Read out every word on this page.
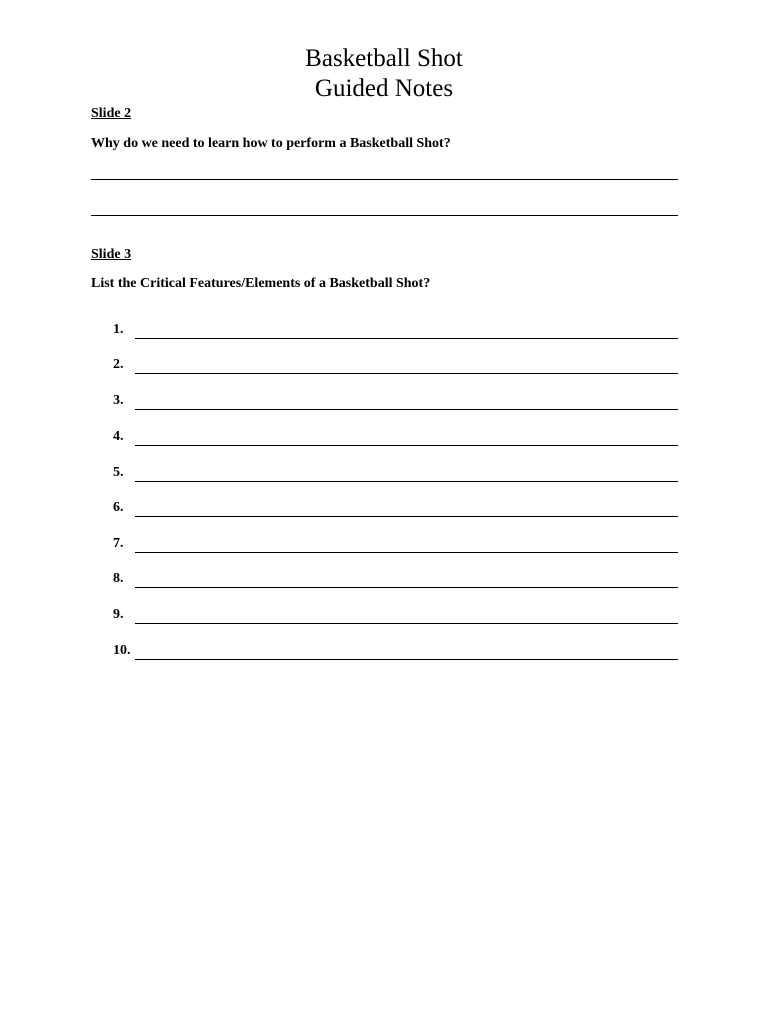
Basketball Shot
Guided Notes
Slide 2
Why do we need to learn how to perform a Basketball Shot?
Slide 3
List the Critical Features/Elements of a Basketball Shot?
1.
2.
3.
4.
5.
6.
7.
8.
9.
10.
